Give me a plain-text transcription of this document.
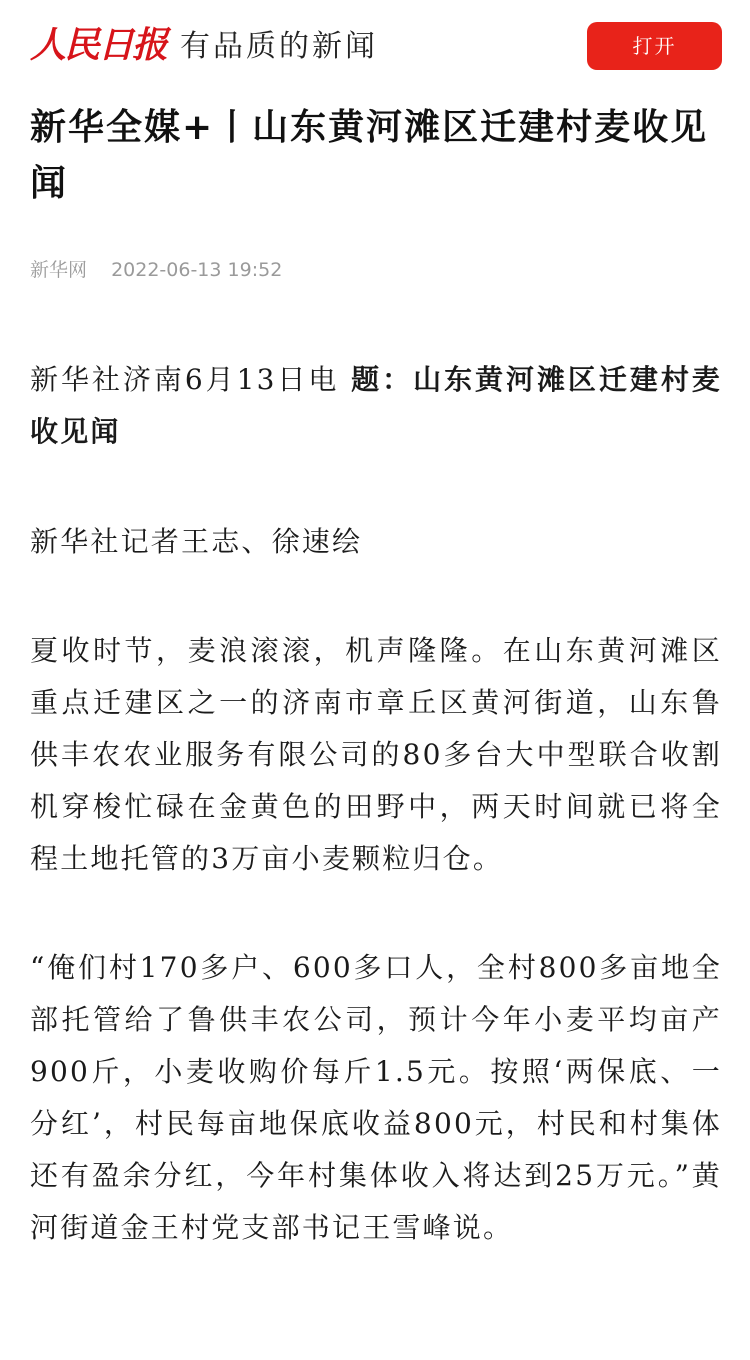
人民日报 有品质的新闻	打开
新华全媒+丨山东黄河滩区迁建村麦收见闻
新华网 2022-06-13 19:52

新华社济南6月13日电 题：山东黄河滩区迁建村麦收见闻

新华社记者王志、徐速绘

夏收时节，麦浪滚滚，机声隆隆。在山东黄河滩区重点迁建区之一的济南市章丘区黄河街道，山东鲁供丰农农业服务有限公司的80多台大中型联合收割机穿梭忙碌在金黄色的田野中，两天时间就已将全程土地托管的3万亩小麦颗粒归仓。

“俺们村170多户、600多口人，全村800多亩地全部托管给了鲁供丰农公司，预计今年小麦平均亩产900斤，小麦收购价每斤1.5元。按照‘两保底、一分红’，村民每亩地保底收益800元，村民和村集体还有盈余分红，今年村集体收入将达到25万元。”黄河街道金王村党支部书记王雪峰说。
